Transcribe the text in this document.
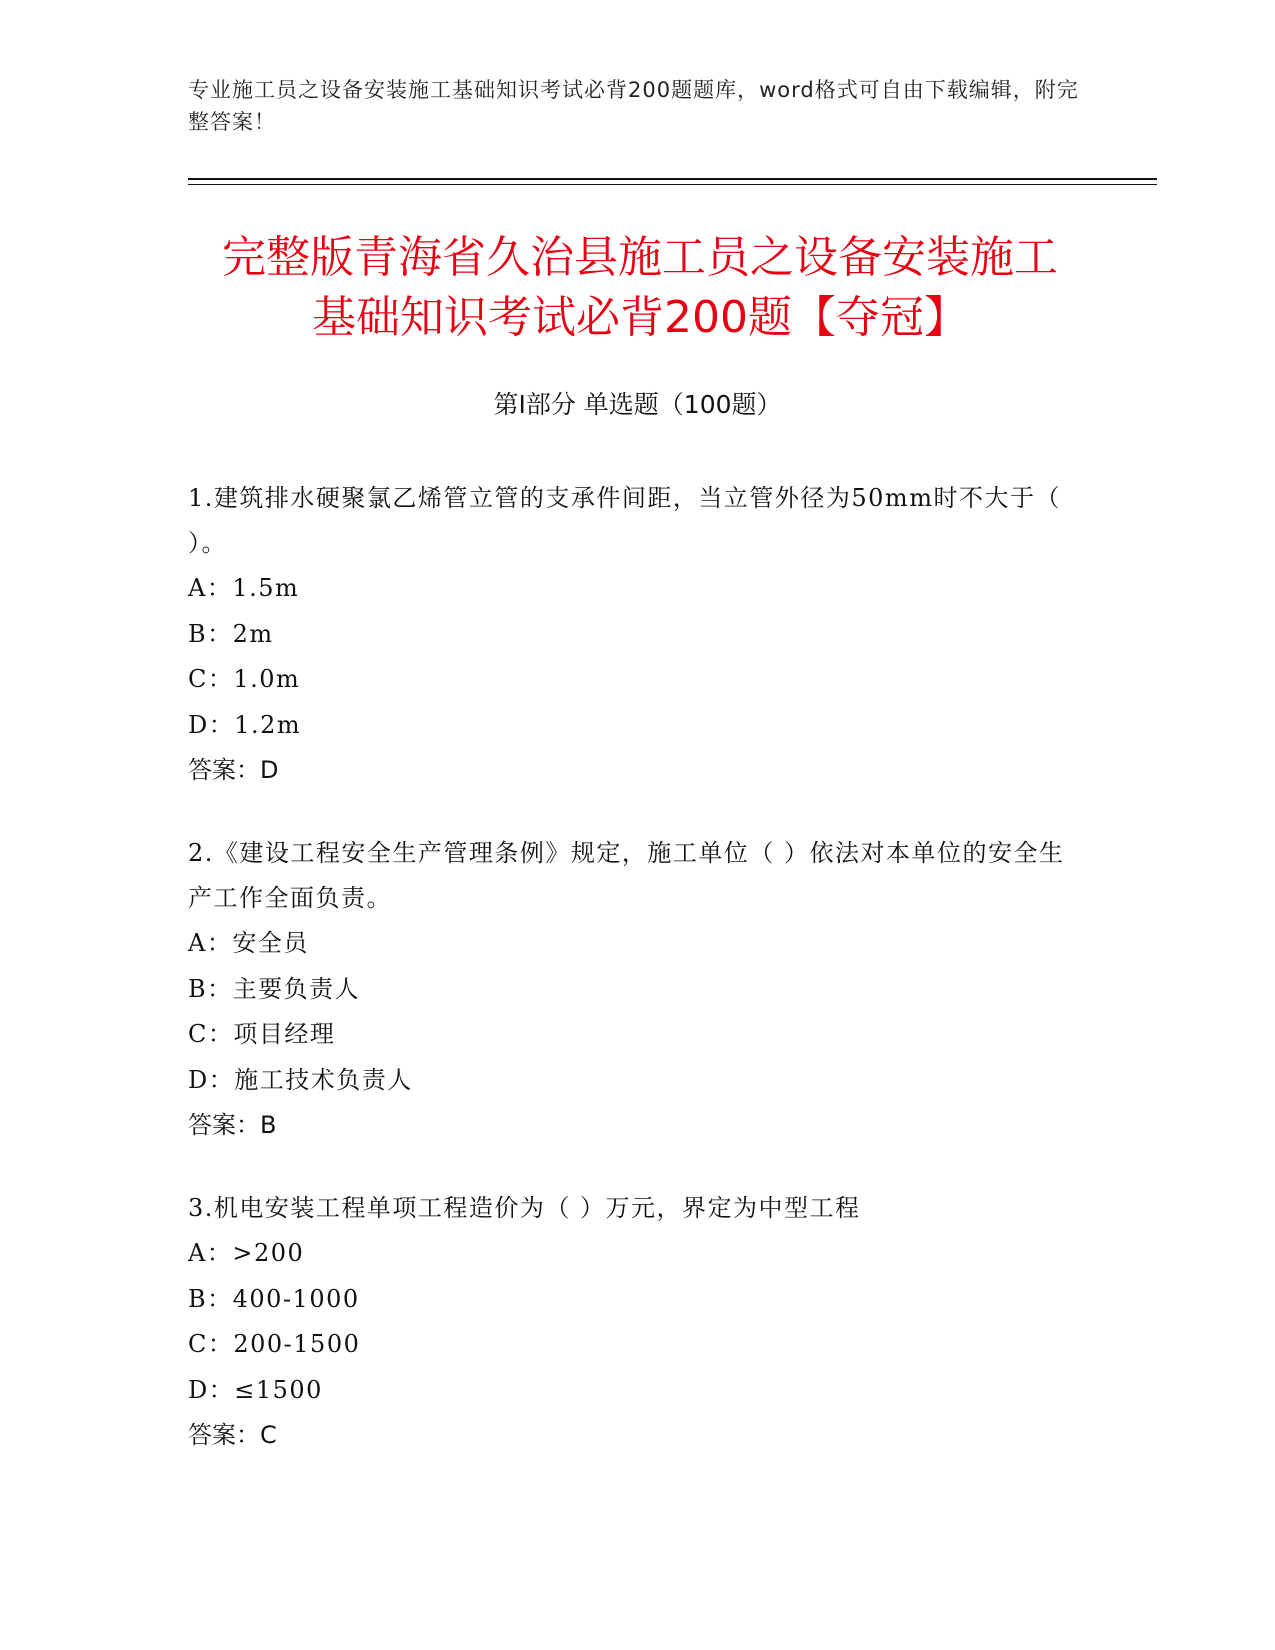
专业施工员之设备安装施工基础知识考试必背200题题库，word格式可自由下载编辑，附完整答案！
完整版青海省久治县施工员之设备安装施工
基础知识考试必背200题【夺冠】
第Ⅰ部分 单选题（100题）
1.建筑排水硬聚氯乙烯管立管的支承件间距，当立管外径为50mm时不大于（ ）。
A：1.5m
B：2m
C：1.0m
D：1.2m
答案：D
2.《建设工程安全生产管理条例》规定，施工单位（ ）依法对本单位的安全生产工作全面负责。
A：安全员
B：主要负责人
C：项目经理
D：施工技术负责人
答案：B
3.机电安装工程单项工程造价为（ ）万元，界定为中型工程
A：>200
B：400-1000
C：200-1500
D：≤1500
答案：C
